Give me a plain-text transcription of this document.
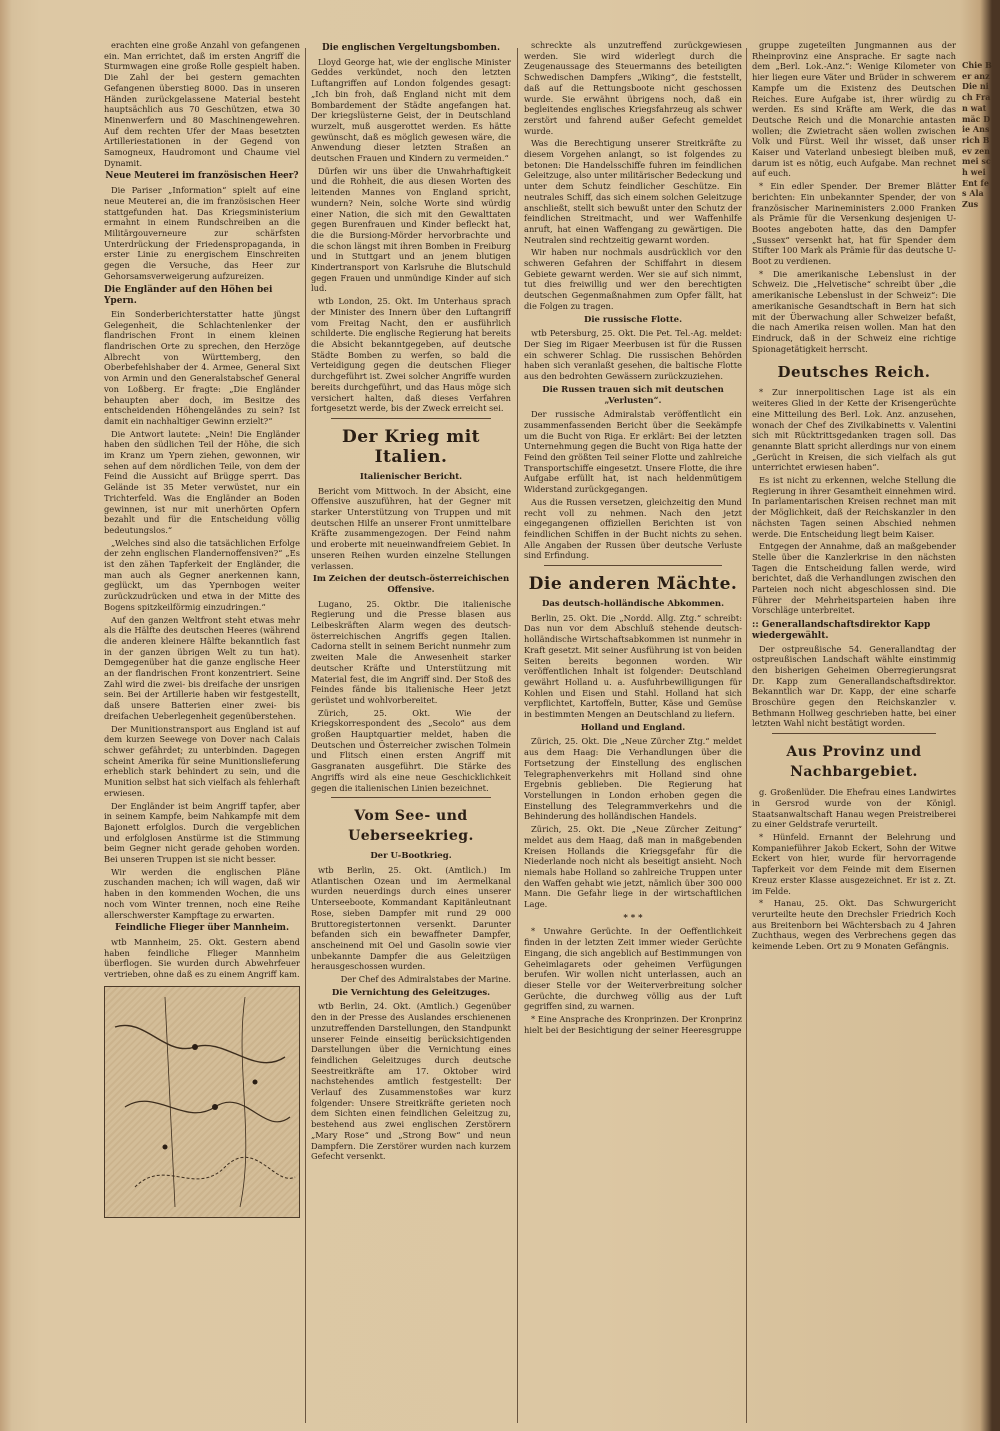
erachten eine große Anzahl von gefangenen ein. Man errichtet, daß im ersten Angriff die Sturmwagen eine große Rolle gespielt haben. Die Zahl der bei gestern gemachten Gefangenen überstieg 8000. Das in unseren Händen zurückgelassene Material besteht hauptsächlich aus 70 Geschützen, etwa 30 Minenwerfern und 80 Maschinengewehren. Auf dem rechten Ufer der Maas besetzten Artilleriestationen in der Gegend von Samogneux, Haudromont und Chaume viel Dynamit.

Neue Meuterei im französischen Heer?

Die Pariser „Information“ spielt auf eine neue Meuterei an, die im französischen Heer stattgefunden hat. Das Kriegsministerium ermahnt in einem Rundschreiben an die Militärgouverneure zur schärfsten Unterdrückung der Friedenspropaganda, in erster Linie zu energischem Einschreiten gegen die Versuche, das Heer zur Gehorsamsverweigerung aufzureizen.

Die Engländer auf den Höhen bei Ypern.

Ein Sonderberichterstatter hatte jüngst Gelegenheit, die Schlachtenlenker der flandrischen Front in einem kleinen flandrischen Orte zu sprechen, den Herzöge Albrecht von Württemberg, den Oberbefehlshaber der 4. Armee, General Sixt von Armin und den Generalstabschef General von Loßberg. Er fragte: „Die Engländer behaupten aber doch, im Besitze des entscheidenden Höhengeländes zu sein? Ist damit ein nachhaltiger Gewinn erzielt?“

Die Antwort lautete: „Nein! Die Engländer haben den südlichen Teil der Höhe, die sich im Kranz um Ypern ziehen, gewonnen, wir sehen auf dem nördlichen Teile, von dem der Feind die Aussicht auf Brügge sperrt. Das Gelände ist 35 Meter verwüstet, nur ein Trichterfeld. Was die Engländer an Boden gewinnen, ist nur mit unerhörten Opfern bezahlt und für die Entscheidung völlig bedeutungslos.“

„Welches sind also die tatsächlichen Erfolge der zehn englischen Flandernoffensiven?“ „Es ist den zähen Tapferkeit der Engländer, die man auch als Gegner anerkennen kann, geglückt, um das Ypernbogen weiter zurückzudrücken und etwa in der Mitte des Bogens spitzkeilförmig einzudringen.“

Auf den ganzen Weltfront steht etwas mehr als die Hälfte des deutschen Heeres (während die anderen kleinere Hälfte bekanntlich fast in der ganzen übrigen Welt zu tun hat). Demgegenüber hat die ganze englische Heer an der flandrischen Front konzentriert. Seine Zahl wird die zwei- bis dreifache der unsrigen sein. Bei der Artillerie haben wir festgestellt, daß unsere Batterien einer zwei- bis dreifachen Ueberlegenheit gegenüberstehen.

Der Munitionstransport aus England ist auf dem kurzen Seewege von Dover nach Calais schwer gefährdet; zu unterbinden. Dagegen scheint Amerika für seine Munitionslieferung erheblich stark behindert zu sein, und die Munition selbst hat sich vielfach als fehlerhaft erwiesen.

Der Engländer ist beim Angriff tapfer, aber in seinem Kampfe, beim Nahkampfe mit dem Bajonett erfolglos. Durch die vergeblichen und erfolglosen Anstürme ist die Stimmung beim Gegner nicht gerade gehoben worden. Bei unseren Truppen ist sie nicht besser.

Wir werden die englischen Pläne zuschanden machen; ich will wagen, daß wir haben in den kommenden Wochen, die uns noch vom Winter trennen, noch eine Reihe allerschwerster Kampftage zu erwarten.

Feindliche Flieger über Mannheim.

wtb Mannheim, 25. Okt. Gestern abend haben feindliche Flieger Mannheim überflogen. Sie wurden durch Abwehrfeuer vertrieben, ohne daß es zu einem Angriff kam.

Die englischen Vergeltungsbomben.

Lloyd George hat, wie der englische Minister Geddes verkündet, noch den letzten Luftangriffen auf London folgendes gesagt: „Ich bin froh, daß England nicht mit dem Bombardement der Städte angefangen hat. Der kriegslüsterne Geist, der in Deutschland wurzelt, muß ausgerottet werden. Es hätte gewünscht, daß es möglich gewesen wäre, die Anwendung dieser letzten Straßen an deutschen Frauen und Kindern zu vermeiden.“

Dürfen wir uns über die Unwahrhaftigkeit und die Rohheit, die aus diesen Worten des leitenden Mannes von England spricht, wundern? Nein, solche Worte sind würdig einer Nation, die sich mit den Gewalttaten gegen Burenfrauen und Kinder befleckt hat, die die Bursiong-Mörder hervorbrachte und die schon längst mit ihren Bomben in Freiburg und in Stuttgart und an jenem blutigen Kindertransport von Karlsruhe die Blutschuld gegen Frauen und unmündige Kinder auf sich lud.

wtb London, 25. Okt. Im Unterhaus sprach der Minister des Innern über den Luftangriff vom Freitag Nacht, den er ausführlich schilderte. Die englische Regierung hat bereits die Absicht bekanntgegeben, auf deutsche Städte Bomben zu werfen, so bald die Verteidigung gegen die deutschen Flieger durchgeführt ist. Zwei solcher Angriffe wurden bereits durchgeführt, und das Haus möge sich versichert halten, daß dieses Verfahren fortgesetzt werde, bis der Zweck erreicht sei.

Der Krieg mit Italien.
Italienischer Bericht.

Bericht vom Mittwoch. In der Absicht, eine Offensive auszuführen, hat der Gegner mit starker Unterstützung von Truppen und mit deutschen Hilfe an unserer Front unmittelbare Kräfte zusammengezogen. Der Feind nahm und eroberte mit neueinwandfreiem Gebiet. In unseren Reihen wurden einzelne Stellungen verlassen.

Im Zeichen der deutsch-österreichischen Offensive.

Lugano, 25. Oktbr. Die italienische Regierung und die Presse blasen aus Leibeskräften Alarm wegen des deutsch-österreichischen Angriffs gegen Italien. Cadorna stellt in seinem Bericht nunmehr zum zweiten Male die Anwesenheit starker deutscher Kräfte und Unterstützung mit Material fest, die im Angriff sind. Der Stoß des Feindes fände bis italienische Heer jetzt gerüstet und wohlvorbereitet.

Zürich, 25. Okt. Wie der Kriegskorrespondent des „Secolo“ aus dem großen Hauptquartier meldet, haben die Deutschen und Österreicher zwischen Tolmein und Flitsch einen ersten Angriff mit Gasgranaten ausgeführt. Die Stärke des Angriffs wird als eine neue Geschicklichkeit gegen die italienischen Linien bezeichnet.

Vom See- und Ueberseekrieg.
Der U-Bootkrieg.

wtb Berlin, 25. Okt. (Amtlich.) Im Atlantischen Ozean und im Aermelkanal wurden neuerdings durch eines unserer Unterseeboote, Kommandant Kapitänleutnant Rose, sieben Dampfer mit rund 29 000 Bruttoregistertonnen versenkt. Darunter befanden sich ein bewaffneter Dampfer, anscheinend mit Oel und Gasolin sowie vier unbekannte Dampfer die aus Geleitzügen herausgeschossen wurden.

Der Chef des Admiralstabes der Marine.

Die Vernichtung des Geleitzuges.

wtb Berlin, 24. Okt. (Amtlich.) Gegenüber den in der Presse des Auslandes erschienenen unzutreffenden Darstellungen, den Standpunkt unserer Feinde einseitig berücksichtigenden Darstellungen über die Vernichtung eines feindlichen Geleitzuges durch deutsche Seestreitkräfte am 17. Oktober wird nachstehendes amtlich festgestellt: Der Verlauf des Zusammenstoßes war kurz folgender: Unsere Streitkräfte gerieten noch dem Sichten einen feindlichen Geleitzug zu, bestehend aus zwei englischen Zerstörern „Mary Rose“ und „Strong Bow“ und neun Dampfern. Die Zerstörer wurden nach kurzem Gefecht versenkt.

schreckte als unzutreffend zurückgewiesen werden. Sie wird widerlegt durch die Zeugenaussage des Steuermanns des beteiligten Schwedischen Dampfers „Wiking“, die feststellt, daß auf die Rettungsboote nicht geschossen wurde. Sie erwähnt übrigens noch, daß ein begleitendes englisches Kriegsfahrzeug als schwer zerstört und fahrend außer Gefecht gemeldet wurde.

Was die Berechtigung unserer Streitkräfte zu diesem Vorgehen anlangt, so ist folgendes zu betonen: Die Handelsschiffe fuhren im feindlichen Geleitzuge, also unter militärischer Bedeckung und unter dem Schutz feindlicher Geschütze. Ein neutrales Schiff, das sich einem solchen Geleitzuge anschließt, stellt sich bewußt unter den Schutz der feindlichen Streitmacht, und wer Waffenhilfe anruft, hat einen Waffengang zu gewärtigen. Die Neutralen sind rechtzeitig gewarnt worden.

Wir haben nur nochmals ausdrücklich vor den schweren Gefahren der Schiffahrt in diesem Gebiete gewarnt werden. Wer sie auf sich nimmt, tut dies freiwillig und wer den berechtigten deutschen Gegenmaßnahmen zum Opfer fällt, hat die Folgen zu tragen.

Die russische Flotte.

wtb Petersburg, 25. Okt. Die Pet. Tel.-Ag. meldet: Der Sieg im Rigaer Meerbusen ist für die Russen ein schwerer Schlag. Die russischen Behörden haben sich veranlaßt gesehen, die baltische Flotte aus den bedrohten Gewässern zurückzuziehen.

Die Russen trauen sich mit deutschen „Verlusten“.

Der russische Admiralstab veröffentlicht ein zusammenfassenden Bericht über die Seekämpfe um die Bucht von Riga. Er erklärt: Bei der letzten Unternehmung gegen die Bucht von Riga hatte der Feind den größten Teil seiner Flotte und zahlreiche Transportschiffe eingesetzt. Unsere Flotte, die ihre Aufgabe erfüllt hat, ist nach heldenmütigem Widerstand zurückgegangen.

Aus die Russen versetzen, gleichzeitig den Mund recht voll zu nehmen. Nach den jetzt eingegangenen offiziellen Berichten ist von feindlichen Schiffen in der Bucht nichts zu sehen. Alle Angaben der Russen über deutsche Verluste sind Erfindung.

Die anderen Mächte.
Das deutsch-holländische Abkommen.

Berlin, 25. Okt. Die „Nordd. Allg. Ztg.“ schreibt: Das nun vor dem Abschluß stehende deutsch-holländische Wirtschaftsabkommen ist nunmehr in Kraft gesetzt. Mit seiner Ausführung ist von beiden Seiten bereits begonnen worden. Wir veröffentlichen Inhalt ist folgender: Deutschland gewährt Holland u. a. Ausfuhrbewilligungen für Kohlen und Eisen und Stahl. Holland hat sich verpflichtet, Kartoffeln, Butter, Käse und Gemüse in bestimmten Mengen an Deutschland zu liefern.

Holland und England.

Zürich, 25. Okt. Die „Neue Zürcher Ztg.“ meldet aus dem Haag: Die Verhandlungen über die Fortsetzung der Einstellung des englischen Telegraphenverkehrs mit Holland sind ohne Ergebnis geblieben. Die Regierung hat Vorstellungen in London erhoben gegen die Einstellung des Telegrammverkehrs und die Behinderung des holländischen Handels.

Zürich, 25. Okt. Die „Neue Zürcher Zeitung“ meldet aus dem Haag, daß man in maßgebenden Kreisen Hollands die Kriegsgefahr für die Niederlande noch nicht als beseitigt ansieht. Noch niemals habe Holland so zahlreiche Truppen unter den Waffen gehabt wie jetzt, nämlich über 300 000 Mann. Die Gefahr liege in der wirtschaftlichen Lage.

* * *

* Unwahre Gerüchte. In der Oeffentlichkeit finden in der letzten Zeit immer wieder Gerüchte Eingang, die sich angeblich auf Bestimmungen von Geheimlagarets oder geheimen Verfügungen berufen. Wir wollen nicht unterlassen, auch an dieser Stelle vor der Weiterverbreitung solcher Gerüchte, die durchweg völlig aus der Luft gegriffen sind, zu warnen.

* Eine Ansprache des Kronprinzen. Der Kronprinz hielt bei der Besichtigung der seiner Heeresgruppe

gruppe zugeteilten Jungmannen aus der Rheinprovinz eine Ansprache. Er sagte nach dem „Berl. Lok.-Anz.“: Wenige Kilometer von hier liegen eure Väter und Brüder in schwerem Kampfe um die Existenz des Deutschen Reiches. Eure Aufgabe ist, ihrer würdig zu werden. Es sind Kräfte am Werk, die das Deutsche Reich und die Monarchie antasten wollen; die Zwietracht säen wollen zwischen Volk und Fürst. Weil ihr wisset, daß unser Kaiser und Vaterland unbesiegt bleiben muß, darum ist es nötig, euch Aufgabe. Man rechnet auf euch.

* Ein edler Spender. Der Bremer Blätter berichten: Ein unbekannter Spender, der von französischer Marineministers 2.000 Franken als Prämie für die Versenkung desjenigen U-Bootes angeboten hatte, das den Dampfer „Sussex“ versenkt hat, hat für Spender dem Stifter 100 Mark als Prämie für das deutsche U-Boot zu verdienen.

* Die amerikanische Lebenslust in der Schweiz. Die „Helvetische“ schreibt über „die amerikanische Lebenslust in der Schweiz“: Die amerikanische Gesandtschaft in Bern hat sich mit der Überwachung aller Schweizer befaßt, die nach Amerika reisen wollen. Man hat den Eindruck, daß in der Schweiz eine richtige Spionagetätigkeit herrscht.

Deutsches Reich.

* Zur innerpolitischen Lage ist als ein weiteres Glied in der Kette der Krisengerüchte eine Mitteilung des Berl. Lok. Anz. anzusehen, wonach der Chef des Zivilkabinetts v. Valentini sich mit Rücktrittsgedanken tragen soll. Das genannte Blatt spricht allerdings nur von einem „Gerücht in Kreisen, die sich vielfach als gut unterrichtet erwiesen haben“.

Es ist nicht zu erkennen, welche Stellung die Regierung in ihrer Gesamtheit einnehmen wird. In parlamentarischen Kreisen rechnet man mit der Möglichkeit, daß der Reichskanzler in den nächsten Tagen seinen Abschied nehmen werde. Die Entscheidung liegt beim Kaiser.

Entgegen der Annahme, daß an maßgebender Stelle über die Kanzlerkrise in den nächsten Tagen die Entscheidung fallen werde, wird berichtet, daß die Verhandlungen zwischen den Parteien noch nicht abgeschlossen sind. Die Führer der Mehrheitsparteien haben ihre Vorschläge unterbreitet.

:: Generallandschaftsdirektor Kapp wiedergewählt.

Der ostpreußische 54. Generallandtag der ostpreußischen Landschaft wählte einstimmig den bisherigen Geheimen Oberregierungsrat Dr. Kapp zum Generallandschaftsdirektor. Bekanntlich war Dr. Kapp, der eine scharfe Broschüre gegen den Reichskanzler v. Bethmann Hollweg geschrieben hatte, bei einer letzten Wahl nicht bestätigt worden.

Aus Provinz und Nachbargebiet.

g. Großenlüder. Die Ehefrau eines Landwirtes in Gersrod wurde von der Königl. Staatsanwaltschaft Hanau wegen Preistreiberei zu einer Geldstrafe verurteilt.

* Hünfeld. Ernannt der Belehrung und Kompanieführer Jakob Eckert, Sohn der Witwe Eckert von hier, wurde für hervorragende Tapferkeit vor dem Feinde mit dem Eisernen Kreuz erster Klasse ausgezeichnet. Er ist z. Zt. im Felde.

* Hanau, 25. Okt. Das Schwurgericht verurteilte heute den Drechsler Friedrich Koch aus Breitenborn bei Wächtersbach zu 4 Jahren Zuchthaus, wegen des Verbrechens gegen das keimende Leben. Ort zu 9 Monaten Gefängnis.

Chie Ber anz Die nich Fran wat mäc Die Ans rich Bev zen mei sch wei Ent fes Ala Zus
